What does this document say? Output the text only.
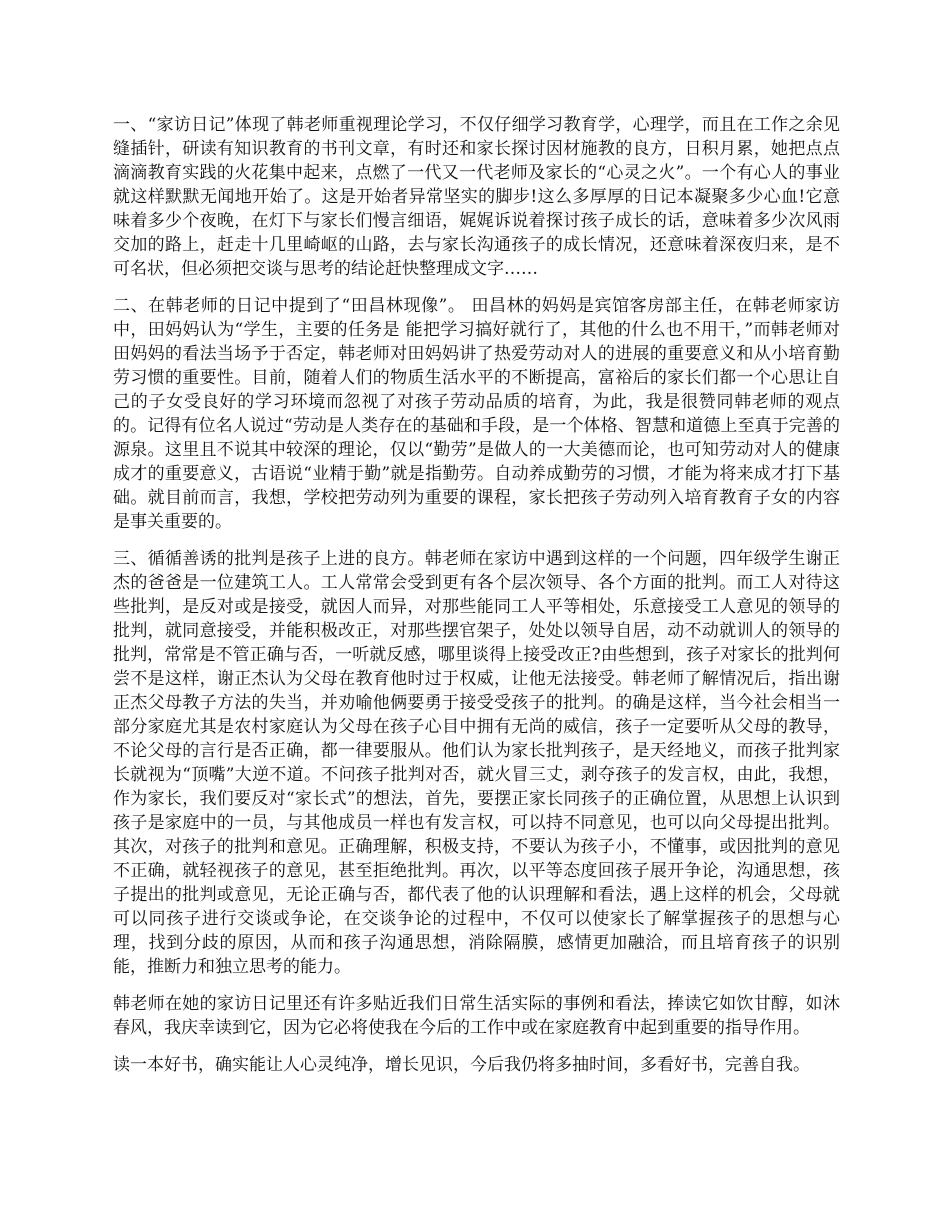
一、“家访日记”体现了韩老师重视理论学习，不仅仔细学习教育学，心理学，而且在工作之余见缝插针，研读有知识教育的书刊文章，有时还和家长探讨因材施教的良方，日积月累，她把点点滴滴教育实践的火花集中起来，点燃了一代又一代老师及家长的“心灵之火”。一个有心人的事业就这样默默无闻地开始了。这是开始者异常坚实的脚步!这么多厚厚的日记本凝聚多少心血!它意味着多少个夜晚，在灯下与家长们慢言细语，娓娓诉说着探讨孩子成长的话，意味着多少次风雨交加的路上，赶走十几里崎岖的山路，去与家长沟通孩子的成长情况，还意味着深夜归来，是不可名状，但必须把交谈与思考的结论赶快整理成文字……

二、在韩老师的日记中提到了“田昌林现像”。 田昌林的妈妈是宾馆客房部主任，在韩老师家访中，田妈妈认为“学生，主要的任务是 能把学习搞好就行了，其他的什么也不用干，”而韩老师对田妈妈的看法当场予于否定，韩老师对田妈妈讲了热爱劳动对人的进展的重要意义和从小培育勤劳习惯的重要性。目前，随着人们的物质生活水平的不断提高，富裕后的家长们都一个心思让自己的子女受良好的学习环境而忽视了对孩子劳动品质的培育，为此，我是很赞同韩老师的观点的。记得有位名人说过“劳动是人类存在的基础和手段，是一个体格、智慧和道德上至真于完善的源泉。这里且不说其中较深的理论，仅以“勤劳”是做人的一大美德而论，也可知劳动对人的健康成才的重要意义，古语说“业精于勤”就是指勤劳。自动养成勤劳的习惯，才能为将来成才打下基础。就目前而言，我想，学校把劳动列为重要的课程，家长把孩子劳动列入培育教育子女的内容是事关重要的。

三、循循善诱的批判是孩子上进的良方。韩老师在家访中遇到这样的一个问题，四年级学生谢正杰的爸爸是一位建筑工人。工人常常会受到更有各个层次领导、各个方面的批判。而工人对待这些批判，是反对或是接受，就因人而异，对那些能同工人平等相处，乐意接受工人意见的领导的批判，就同意接受，并能积极改正，对那些摆官架子，处处以领导自居，动不动就训人的领导的批判，常常是不管正确与否，一听就反感，哪里谈得上接受改正?由些想到，孩子对家长的批判何尝不是这样，谢正杰认为父母在教育他时过于权威，让他无法接受。韩老师了解情况后，指出谢正杰父母教子方法的失当，并劝喻他俩要勇于接受受孩子的批判。的确是这样，当今社会相当一部分家庭尤其是农村家庭认为父母在孩子心目中拥有无尚的威信，孩子一定要听从父母的教导，不论父母的言行是否正确，都一律要服从。他们认为家长批判孩子，是天经地义，而孩子批判家长就视为“顶嘴”大逆不道。不问孩子批判对否，就火冒三丈，剥夺孩子的发言权，由此，我想，作为家长，我们要反对“家长式”的想法，首先，要摆正家长同孩子的正确位置，从思想上认识到孩子是家庭中的一员，与其他成员一样也有发言权，可以持不同意见，也可以向父母提出批判。其次，对孩子的批判和意见。正确理解，积极支持，不要认为孩子小，不懂事，或因批判的意见不正确，就轻视孩子的意见，甚至拒绝批判。再次，以平等态度回孩子展开争论，沟通思想，孩子提出的批判或意见，无论正确与否，都代表了他的认识理解和看法，遇上这样的机会，父母就可以同孩子进行交谈或争论，在交谈争论的过程中，不仅可以使家长了解掌握孩子的思想与心理，找到分歧的原因，从而和孩子沟通思想，消除隔膜，感情更加融洽，而且培育孩子的识别能，推断力和独立思考的能力。

韩老师在她的家访日记里还有许多贴近我们日常生活实际的事例和看法，捧读它如饮甘醇，如沐春风，我庆幸读到它，因为它必将使我在今后的工作中或在家庭教育中起到重要的指导作用。

读一本好书，确实能让人心灵纯净，增长见识，今后我仍将多抽时间，多看好书，完善自我。
